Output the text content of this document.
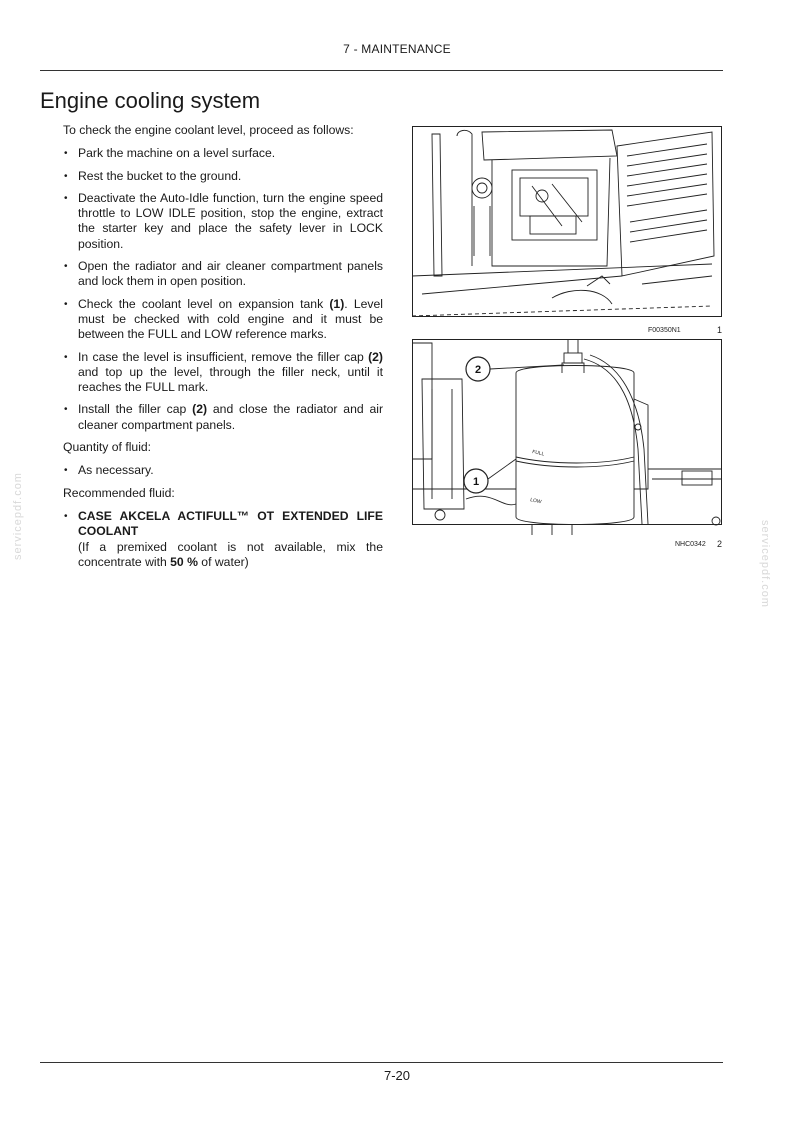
7 - MAINTENANCE
Engine cooling system

To check the engine coolant level, proceed as follows:

• Park the machine on a level surface.
• Rest the bucket to the ground.
• Deactivate the Auto-Idle function, turn the engine speed throttle to LOW IDLE position, stop the engine, extract the starter key and place the safety lever in LOCK position.
• Open the radiator and air cleaner compartment panels and lock them in open position.
• Check the coolant level on expansion tank (1). Level must be checked with cold engine and it must be between the FULL and LOW reference marks.
• In case the level is insufficient, remove the filler cap (2) and top up the level, through the filler neck, until it reaches the FULL mark.
• Install the filler cap (2) and close the radiator and air cleaner compartment panels.

Quantity of fluid:

• As necessary.

Recommended fluid:

• CASE AKCELA ACTIFULL™ OT EXTENDED LIFE COOLANT
(If a premixed coolant is not available, mix the concentrate with 50 % of water)
F00350N1	1
FULL
LOW
2
1
NHC0342 2
servicepdf.com
servicepdf.com
7-20
